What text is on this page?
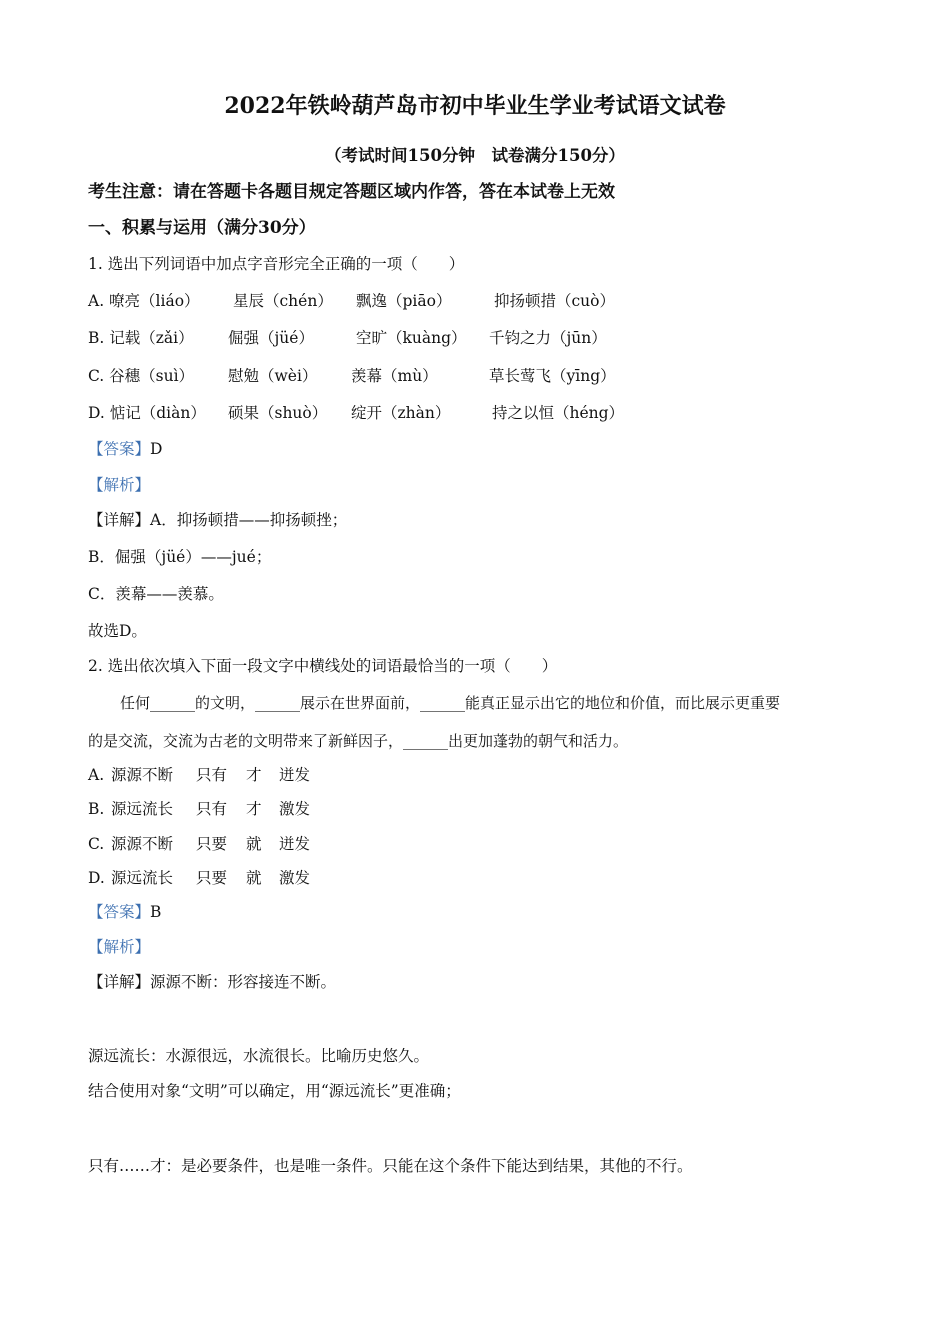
2022年铁岭葫芦岛市初中毕业生学业考试语文试卷
（考试时间150分钟　试卷满分150分）
考生注意：请在答题卡各题目规定答题区域内作答，答在本试卷上无效
一、积累与运用（满分30分）
1. 选出下列词语中加点字音形完全正确的一项（　　）
A. 嘹亮（liáo） 星辰（chén） 飘逸（piāo）	抑扬顿措（cuò）
B. 记载（zǎi） 倔强（jüé）	空旷（kuàng） 千钧之力（jūn）
C. 谷穗（suì） 慰勉（wèi） 羡幕（mù）	草长莺飞（yīng）
D. 惦记（diàn） 硕果（shuò） 绽开（zhàn）	持之以恒（héng）
【答案】D
【解析】
【详解】A．抑扬顿措——抑扬顿挫；
B．倔强（jüé）——jué；
C．羡幕——羡慕。
故选D。
2. 选出依次填入下面一段文字中横线处的词语最恰当的一项（　　）
任何______的文明，______展示在世界面前，______能真正显示出它的地位和价值，而比展示更重要
的是交流，交流为古老的文明带来了新鲜因子，______出更加蓬勃的朝气和活力。
A. 源源不断 只有 才 迸发
B. 源远流长 只有 才 激发
C. 源源不断 只要 就 迸发
D. 源远流长 只要 就 激发
【答案】B
【解析】
【详解】源源不断：形容接连不断。
源远流长：水源很远，水流很长。比喻历史悠久。
结合使用对象“文明”可以确定，用“源远流长”更准确；
只有……才：是必要条件，也是唯一条件。只能在这个条件下能达到结果，其他的不行。
